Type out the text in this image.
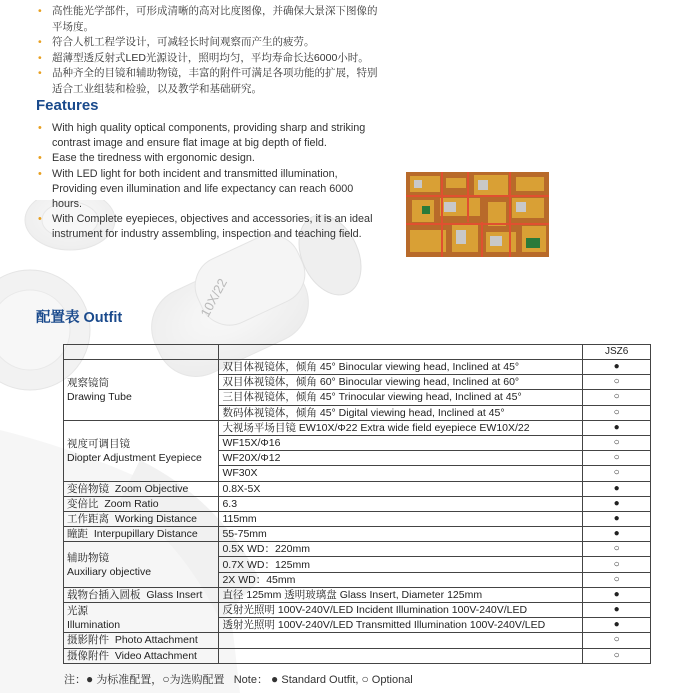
10X/22
• 高性能光学部件，可形成清晰的高对比度图像，并确保大景深下图像的平场度。
• 符合人机工程学设计，可减轻长时间观察而产生的疲劳。
• 超薄型透反射式LED光源设计，照明均匀，平均寿命长达6000小时。
• 品种齐全的目镜和辅助物镜，丰富的附件可满足各项功能的扩展，特别适合工业组装和检验，以及教学和基础研究。
Features
• With high quality optical components, providing sharp and striking contrast image and ensure flat image at big depth of field.
• Ease the tiredness with ergonomic design.
• With LED light for both incident and transmitted illumination, Providing even illumination and life expectancy can reach 6000 hours.
• With Complete eyepieces, objectives and accessories, it is an ideal instrument for industry assembling, inspection and teaching field.
配置表 Outfit
		JSZ6
观察镜筒
Drawing Tube	双目体视镜体，倾角 45° Binocular viewing head, Inclined at 45°	●
	双目体视镜体，倾角 60° Binocular viewing head, Inclined at 60°	○
	三目体视镜体，倾角 45° Trinocular viewing head, Inclined at 45°	○
	数码体视镜体，倾角 45° Digital viewing head, Inclined at 45°	○
视度可调目镜
Diopter Adjustment Eyepiece	大视场平场目镜 EW10X/Φ22 Extra wide field eyepiece EW10X/22	●
	WF15X/Φ16	○
	WF20X/Φ12	○
	WF30X	○
变倍物镜 Zoom Objective	0.8X-5X	●
变倍比 Zoom Ratio	6.3	●
工作距离 Working Distance	115mm	●
瞳距 Interpupillary Distance	55-75mm	●
辅助物镜
Auxiliary objective	0.5X WD：220mm	○
	0.7X WD：125mm	○
	2X WD：45mm	○
载物台插入圆板 Glass Insert	直径 125mm 透明玻璃盘 Glass Insert, Diameter 125mm	●
光源
Illumination	反射光照明 100V-240V/LED Incident Illumination 100V-240V/LED	●
	透射光照明 100V-240V/LED Transmitted Illumination 100V-240V/LED	●
摄影附件 Photo Attachment		○
摄像附件 Video Attachment		○
注：● 为标准配置，○为选购配置 Note： ● Standard Outfit, ○ Optional
